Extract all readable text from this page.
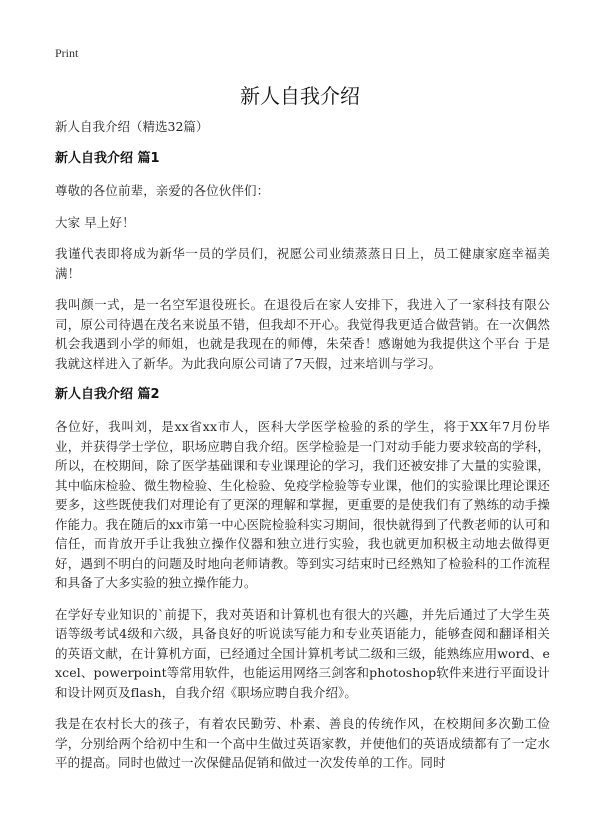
Print
新人自我介绍
新人自我介绍（精选32篇）
新人自我介绍 篇1

尊敬的各位前辈，亲爱的各位伙伴们：

大家 早上好！

我谨代表即将成为新华一员的学员们，祝愿公司业绩蒸蒸日日上，员工健康家庭幸福美满！

我叫颜一式，是一名空军退役班长。在退役后在家人安排下，我进入了一家科技有限公司，原公司待遇在茂名来说虽不错，但我却不开心。我觉得我更适合做营销。在一次偶然机会我遇到小学的师姐，也就是我现在的师傅，朱荣香！感谢她为我提供这个平台 于是我就这样进入了新华。为此我向原公司请了7天假，过来培训与学习。

新人自我介绍 篇2

各位好，我叫刘，是xx省xx市人，医科大学医学检验的系的学生，将于XX年7月份毕业，并获得学士学位，职场应聘自我介绍。医学检验是一门对动手能力要求较高的学科，所以，在校期间，除了医学基础课和专业课理论的学习，我们还被安排了大量的实验课，其中临床检验、微生物检验、生化检验、免疫学检验等专业课，他们的实验课比理论课还要多，这些既使我们对理论有了更深的理解和掌握，更重要的是使我们有了熟练的动手操作能力。我在随后的xx市第一中心医院检验科实习期间，很快就得到了代教老师的认可和信任，而肯放开手让我独立操作仪器和独立进行实验，我也就更加积极主动地去做得更好，遇到不明白的问题及时地向老师请教。等到实习结束时已经熟知了检验科的工作流程和具备了大多实验的独立操作能力。

在学好专业知识的`前提下，我对英语和计算机也有很大的兴趣，并先后通过了大学生英语等级考试4级和六级，具备良好的听说读写能力和专业英语能力，能够查阅和翻译相关的英语文献，在计算机方面，已经通过全国计算机考试二级和三级，能熟练应用word、excel、powerpoint等常用软件，也能运用网络三剑客和photoshop软件来进行平面设计和设计网页及flash，自我介绍《职场应聘自我介绍》。

我是在农村长大的孩子，有着农民勤劳、朴素、善良的传统作风，在校期间多次勤工俭学，分别给两个给初中生和一个高中生做过英语家教，并使他们的英语成绩都有了一定水平的提高。同时也做过一次保健品促销和做过一次发传单的工作。同时
